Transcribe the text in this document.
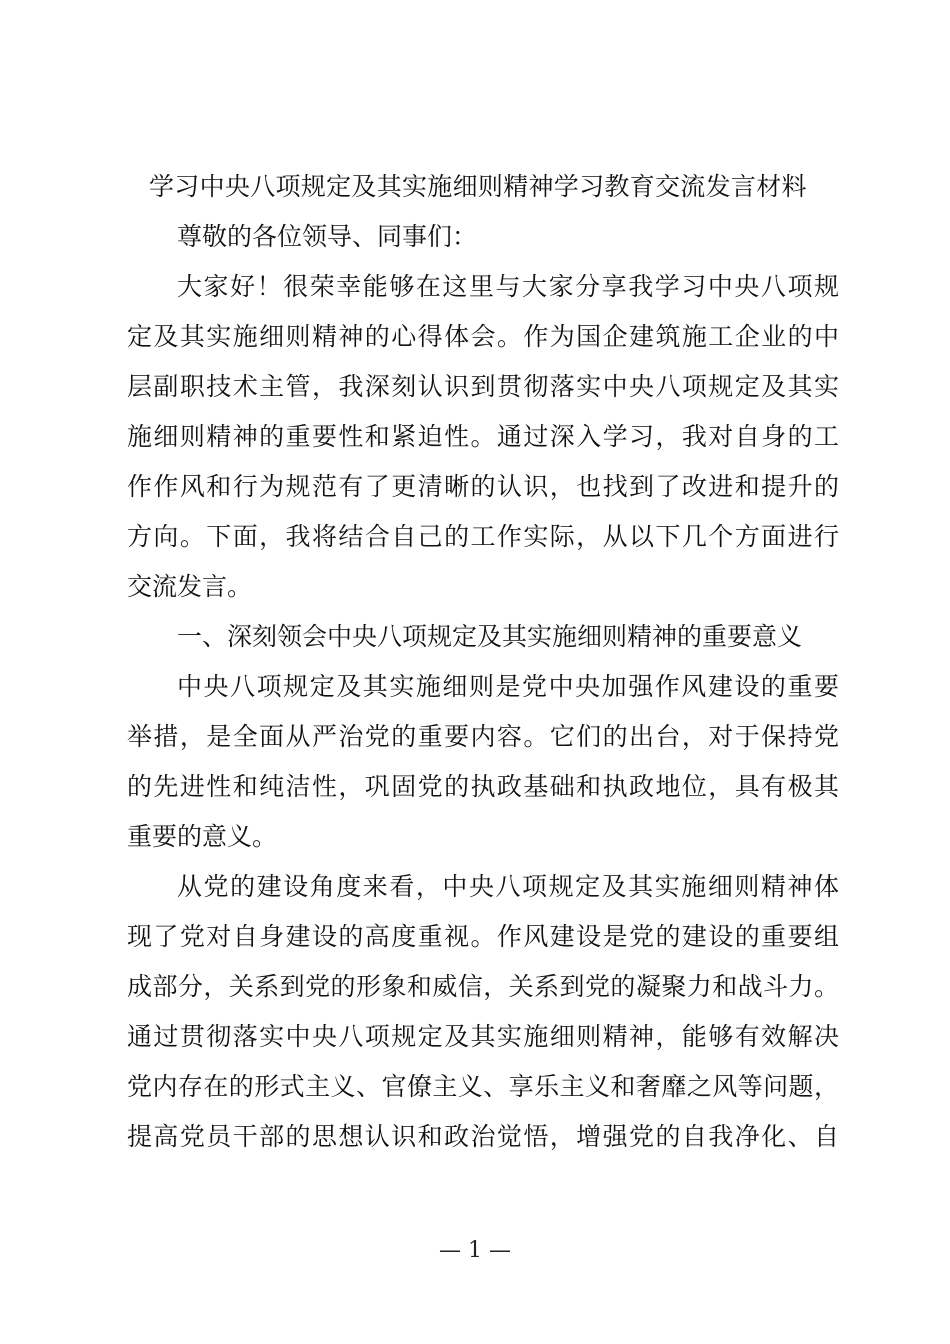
学习中央八项规定及其实施细则精神学习教育交流发言材料

尊敬的各位领导、同事们：

大家好！很荣幸能够在这里与大家分享我学习中央八项规
定及其实施细则精神的心得体会。作为国企建筑施工企业的中
层副职技术主管，我深刻认识到贯彻落实中央八项规定及其实
施细则精神的重要性和紧迫性。通过深入学习，我对自身的工
作作风和行为规范有了更清晰的认识，也找到了改进和提升的
方向。下面，我将结合自己的工作实际，从以下几个方面进行
交流发言。

一、深刻领会中央八项规定及其实施细则精神的重要意义

中央八项规定及其实施细则是党中央加强作风建设的重要
举措，是全面从严治党的重要内容。它们的出台，对于保持党
的先进性和纯洁性，巩固党的执政基础和执政地位，具有极其
重要的意义。
从党的建设角度来看，中央八项规定及其实施细则精神体
现了党对自身建设的高度重视。作风建设是党的建设的重要组
成部分，关系到党的形象和威信，关系到党的凝聚力和战斗力。
通过贯彻落实中央八项规定及其实施细则精神，能够有效解决
党内存在的形式主义、官僚主义、享乐主义和奢靡之风等问题，
提高党员干部的思想认识和政治觉悟，增强党的自我净化、自
— 1 —
